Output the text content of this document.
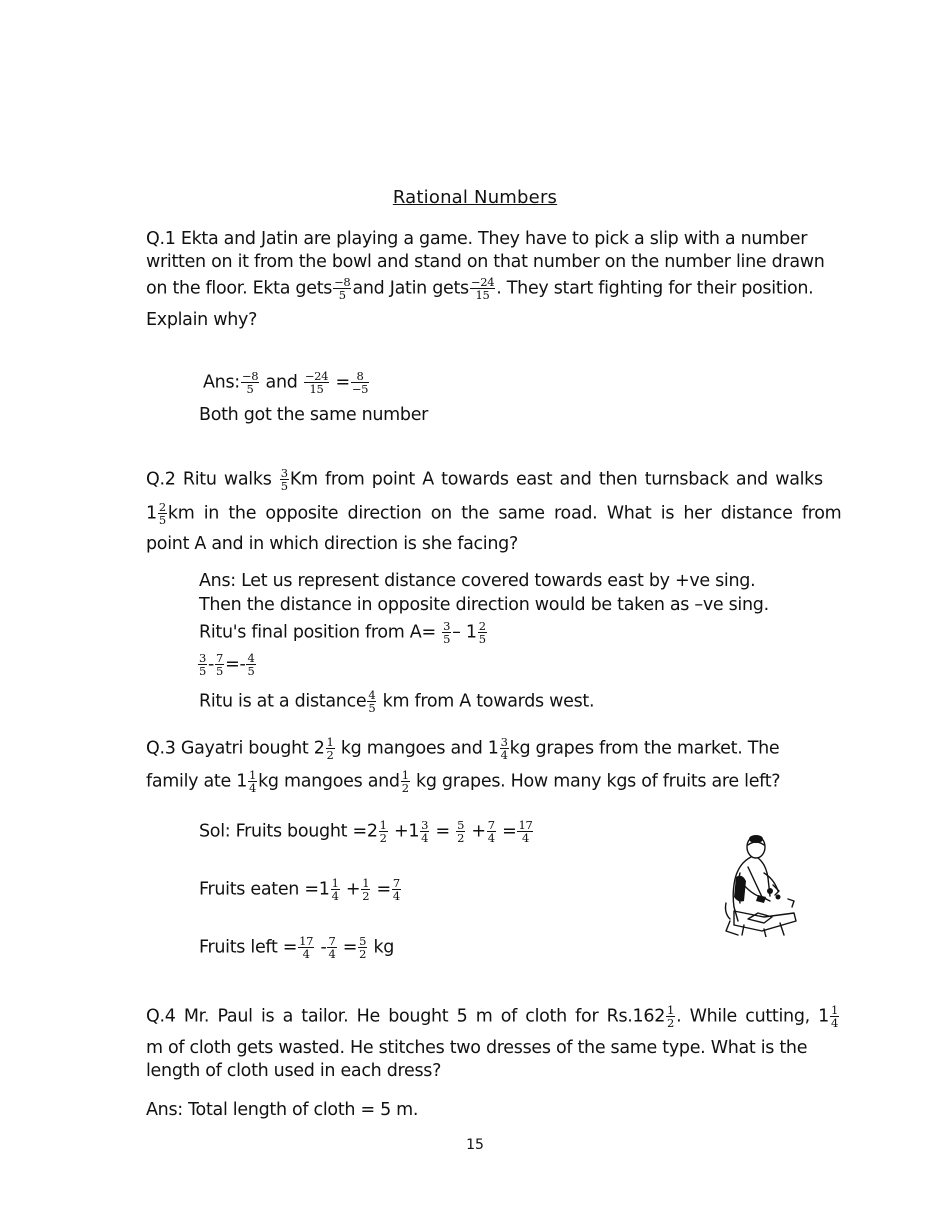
Rational Numbers
Q.1 Ekta and Jatin are playing a game. They have to pick a slip with a number
written on it from the bowl and stand on that number on the number line drawn
on the floor. Ekta gets $\frac{-8}{5}$ and Jatin gets $\frac{-24}{15}$ . They start fighting for their position.
Explain why?
Ans: $\frac{-8}{5}$ and $\frac{-24}{15} = \frac{8}{-5}$
Both got the same number
Q.2 Ritu walks $\frac{3}{5}$ Km from point A towards east and then turnsback and walks
$1 \frac{2}{5}$ km in the opposite direction on the same road. What is her distance from
point A and in which direction is she facing?
Ans: Let us represent distance covered towards east by +ve sing.
Then the distance in opposite direction would be taken as –ve sing.
Ritu's final position from $A= \frac{3}{5} - 1 \frac{2}{5}$
$\frac{3}{5} - \frac{7}{5} =- \frac{4}{5}$
Ritu is at a distance $\frac{4}{5}$ km from A towards west.
Q.3 Gayatri bought $2 \frac{1}{2}$ kg mangoes and $1 \frac{3}{4}$ kg grapes from the market. The
family ate $1 \frac{1}{4}$ kg mangoes and $\frac{1}{2}$ kg grapes. How many kgs of fruits are left?
Sol: Fruits bought $=2 \frac{1}{2} +1 \frac{3}{4} = \frac{5}{2} + \frac{7}{4} = \frac{17}{4}$
Fruits eaten $=1 \frac{1}{4} + \frac{1}{2} = \frac{7}{4}$
Fruits left = $\frac{17}{4} - \frac{7}{4} = \frac{5}{2}$ kg
Q.4 Mr. Paul is a tailor. He bought 5 m of cloth for $Rs.162 \frac{1}{2}$ . While cutting, $1 \frac{1}{4}$
m of cloth gets wasted. He stitches two dresses of the same type. What is the
length of cloth used in each dress?
Ans: Total length of cloth = 5 m.
15
